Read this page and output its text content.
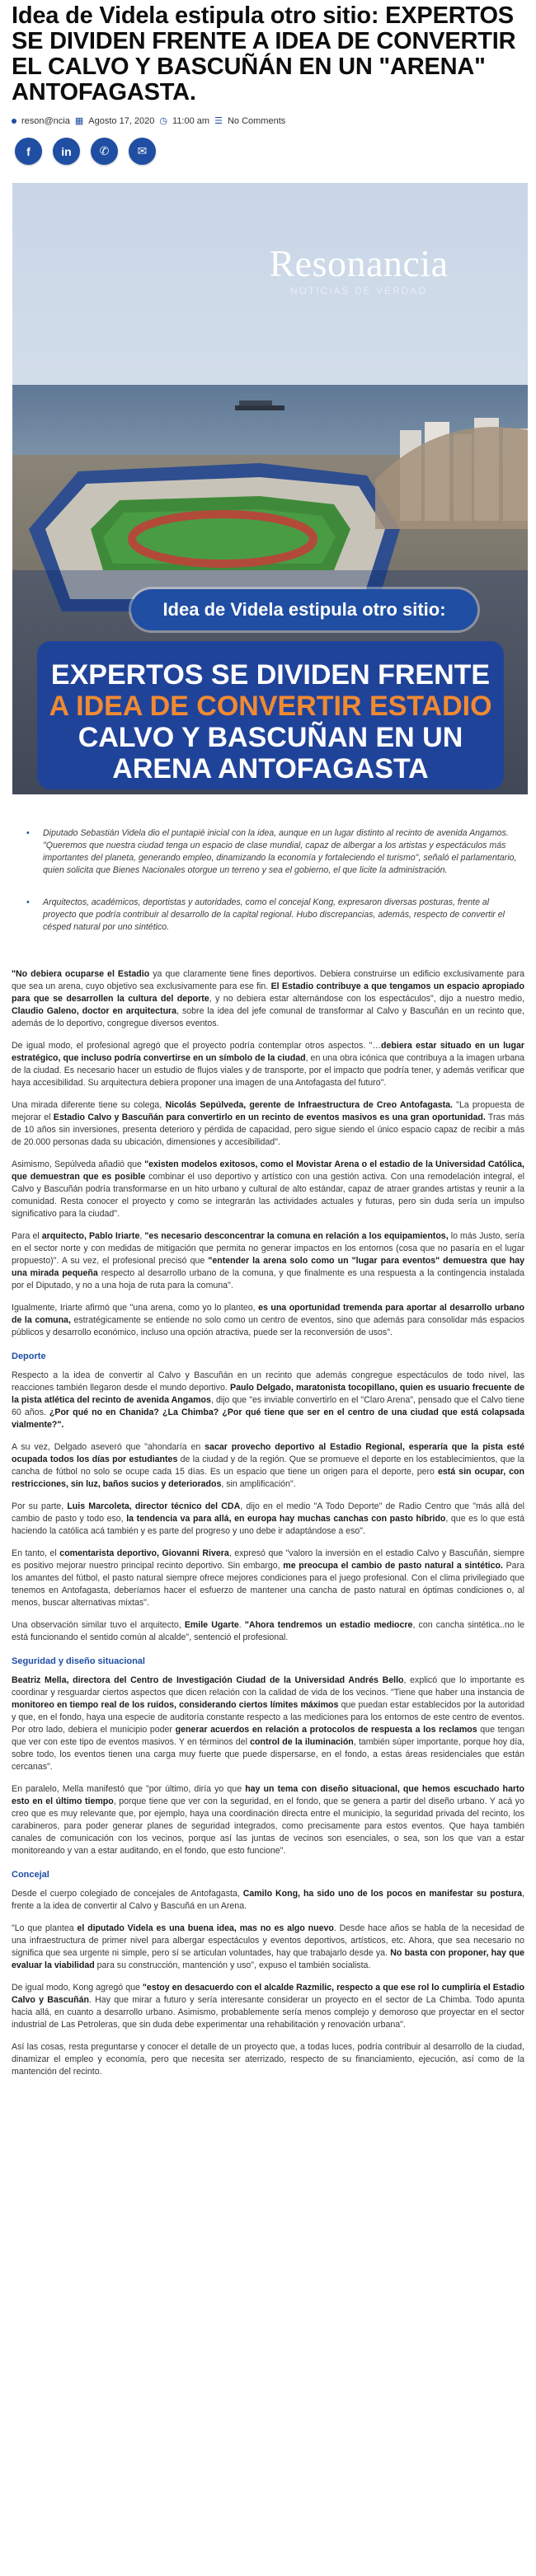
Idea de Videla estipula otro sitio: EXPERTOS SE DIVIDEN FRENTE A IDEA DE CONVERTIR EL CALVO Y BASCUÑÁN EN UN "ARENA" ANTOFAGASTA.
reson@ncia ▦ Agosto 17, 2020 ◷ 11:00 am ☰ No Comments
f	in ✆ ✉
Resonancia
NOTICIAS DE VERDAD
Idea de Videla estipula otro sitio:
EXPERTOS SE DIVIDEN FRENTE
A IDEA DE CONVERTIR ESTADIO
CALVO Y BASCUÑAN EN UN
ARENA ANTOFAGASTA
• Diputado Sebastián Videla dio el puntapié inicial con la idea, aunque en un lugar distinto al recinto de avenida Angamos. "Queremos que nuestra ciudad tenga un espacio de clase mundial, capaz de albergar a los artistas y espectáculos más importantes del planeta, generando empleo, dinamizando la economía y fortaleciendo el turismo", señaló el parlamentario, quien solicita que Bienes Nacionales otorgue un terreno y sea el gobierno, el que licite la administración.
• Arquitectos, académicos, deportistas y autoridades, como el concejal Kong, expresaron diversas posturas, frente al proyecto que podría contribuir al desarrollo de la capital regional. Hubo discrepancias, además, respecto de convertir el césped natural por uno sintético.

"No debiera ocuparse el Estadio ya que claramente tiene fines deportivos. Debiera construirse un edificio exclusivamente para que sea un arena, cuyo objetivo sea exclusivamente para ese fin. El Estadio contribuye a que tengamos un espacio apropiado para que se desarrollen la cultura del deporte, y no debiera estar alternándose con los espectáculos", dijo a nuestro medio, Claudio Galeno, doctor en arquitectura, sobre la idea del jefe comunal de transformar al Calvo y Bascuñán en un recinto que, además de lo deportivo, congregue diversos eventos.

De igual modo, el profesional agregó que el proyecto podría contemplar otros aspectos. "…debiera estar situado en un lugar estratégico, que incluso podría convertirse en un símbolo de la ciudad, en una obra icónica que contribuya a la imagen urbana de la ciudad. Es necesario hacer un estudio de flujos viales y de transporte, por el impacto que podría tener, y además verificar que haya accesibilidad. Su arquitectura debiera proponer una imagen de una Antofagasta del futuro".

Una mirada diferente tiene su colega, Nicolás Sepúlveda, gerente de Infraestructura de Creo Antofagasta. "La propuesta de mejorar el Estadio Calvo y Bascuñán para convertirlo en un recinto de eventos masivos es una gran oportunidad. Tras más de 10 años sin inversiones, presenta deterioro y pérdida de capacidad, pero sigue siendo el único espacio capaz de recibir a más de 20.000 personas dada su ubicación, dimensiones y accesibilidad".

Asimismo, Sepúlveda añadió que "existen modelos exitosos, como el Movistar Arena o el estadio de la Universidad Católica, que demuestran que es posible combinar el uso deportivo y artístico con una gestión activa. Con una remodelación integral, el Calvo y Bascuñán podría transformarse en un hito urbano y cultural de alto estándar, capaz de atraer grandes artistas y reunir a la comunidad. Resta conocer el proyecto y como se integrarán las actividades actuales y futuras, pero sin duda sería un impulso significativo para la ciudad".

Para el arquitecto, Pablo Iriarte, "es necesario desconcentrar la comuna en relación a los equipamientos, lo más Justo, sería en el sector norte y con medidas de mitigación que permita no generar impactos en los entornos (cosa que no pasaría en el lugar propuesto)". A su vez, el profesional precisó que "entender la arena solo como un "lugar para eventos" demuestra que hay una mirada pequeña respecto al desarrollo urbano de la comuna, y que finalmente es una respuesta a la contingencia instalada por el Diputado, y no a una hoja de ruta para la comuna".

Igualmente, Iriarte afirmó que "una arena, como yo lo planteo, es una oportunidad tremenda para aportar al desarrollo urbano de la comuna, estratégicamente se entiende no solo como un centro de eventos, sino que además para consolidar más espacios públicos y desarrollo económico, incluso una opción atractiva, puede ser la reconversión de usos".

Deporte

Respecto a la idea de convertir al Calvo y Bascuñán en un recinto que además congregue espectáculos de todo nivel, las reacciones también llegaron desde el mundo deportivo. Paulo Delgado, maratonista tocopillano, quien es usuario frecuente de la pista atlética del recinto de avenida Angamos, dijo que "es inviable convertirlo en el "Claro Arena", pensado que el Calvo tiene 60 años. ¿Por qué no en Chanida? ¿La Chimba? ¿Por qué tiene que ser en el centro de una ciudad que está colapsada vialmente?".

A su vez, Delgado aseveró que "ahondaría en sacar provecho deportivo al Estadio Regional, esperaría que la pista esté ocupada todos los días por estudiantes de la ciudad y de la región. Que se promueve el deporte en los establecimientos, que la cancha de fútbol no solo se ocupe cada 15 días. Es un espacio que tiene un origen para el deporte, pero está sin ocupar, con restricciones, sin luz, baños sucios y deteriorados, sin amplificación".

Por su parte, Luis Marcoleta, director técnico del CDA, dijo en el medio "A Todo Deporte" de Radio Centro que "más allá del cambio de pasto y todo eso, la tendencia va para allá, en europa hay muchas canchas con pasto híbrido, que es lo que está haciendo la católica acá también y es parte del progreso y uno debe ir adaptándose a eso".

En tanto, el comentarista deportivo, Giovanni Rivera, expresó que "valoro la inversión en el estadio Calvo y Bascuñán, siempre es positivo mejorar nuestro principal recinto deportivo. Sin embargo, me preocupa el cambio de pasto natural a sintético. Para los amantes del fútbol, el pasto natural siempre ofrece mejores condiciones para el juego profesional. Con el clima privilegiado que tenemos en Antofagasta, deberíamos hacer el esfuerzo de mantener una cancha de pasto natural en óptimas condiciones o, al menos, buscar alternativas mixtas".

Una observación similar tuvo el arquitecto, Emile Ugarte. "Ahora tendremos un estadio mediocre, con cancha sintética..no le está funcionando el sentido común al alcalde", sentenció el profesional.

Seguridad y diseño situacional

Beatriz Mella, directora del Centro de Investigación Ciudad de la Universidad Andrés Bello, explicó que lo importante es coordinar y resguardar ciertos aspectos que dicen relación con la calidad de vida de los vecinos. "Tiene que haber una instancia de monitoreo en tiempo real de los ruidos, considerando ciertos límites máximos que puedan estar establecidos por la autoridad y que, en el fondo, haya una especie de auditoría constante respecto a las mediciones para los entornos de este centro de eventos. Por otro lado, debiera el municipio poder generar acuerdos en relación a protocolos de respuesta a los reclamos que tengan que ver con este tipo de eventos masivos. Y en términos del control de la iluminación, también súper importante, porque hoy día, sobre todo, los eventos tienen una carga muy fuerte que puede dispersarse, en el fondo, a estas áreas residenciales que están cercanas".

En paralelo, Mella manifestó que "por último, diría yo que hay un tema con diseño situacional, que hemos escuchado harto esto en el último tiempo, porque tiene que ver con la seguridad, en el fondo, que se genera a partir del diseño urbano. Y acá yo creo que es muy relevante que, por ejemplo, haya una coordinación directa entre el municipio, la seguridad privada del recinto, los carabineros, para poder generar planes de seguridad integrados, como precisamente para estos eventos. Que haya también canales de comunicación con los vecinos, porque así las juntas de vecinos son esenciales, o sea, son los que van a estar monitoreando y van a estar auditando, en el fondo, que esto funcione".

Concejal

Desde el cuerpo colegiado de concejales de Antofagasta, Camilo Kong, ha sido uno de los pocos en manifestar su postura, frente a la idea de convertir al Calvo y Bascuñá en un Arena.

"Lo que plantea el diputado Videla es una buena idea, mas no es algo nuevo. Desde hace años se habla de la necesidad de una infraestructura de primer nivel para albergar espectáculos y eventos deportivos, artísticos, etc. Ahora, que sea necesario no significa que sea urgente ni simple, pero sí se articulan voluntades, hay que trabajarlo desde ya. No basta con proponer, hay que evaluar la viabilidad para su construcción, mantención y uso", expuso el también socialista.

De igual modo, Kong agregó que "estoy en desacuerdo con el alcalde Razmilic, respecto a que ese rol lo cumpliría el Estadio Calvo y Bascuñán. Hay que mirar a futuro y sería interesante considerar un proyecto en el sector de La Chimba. Todo apunta hacia allá, en cuanto a desarrollo urbano. Asimismo, probablemente sería menos complejo y demoroso que proyectar en el sector industrial de Las Petroleras, que sin duda debe experimentar una rehabilitación y renovación urbana".

Así las cosas, resta preguntarse y conocer el detalle de un proyecto que, a todas luces, podría contribuir al desarrollo de la ciudad, dinamizar el empleo y economía, pero que necesita ser aterrizado, respecto de su financiamiento, ejecución, así como de la mantención del recinto.
